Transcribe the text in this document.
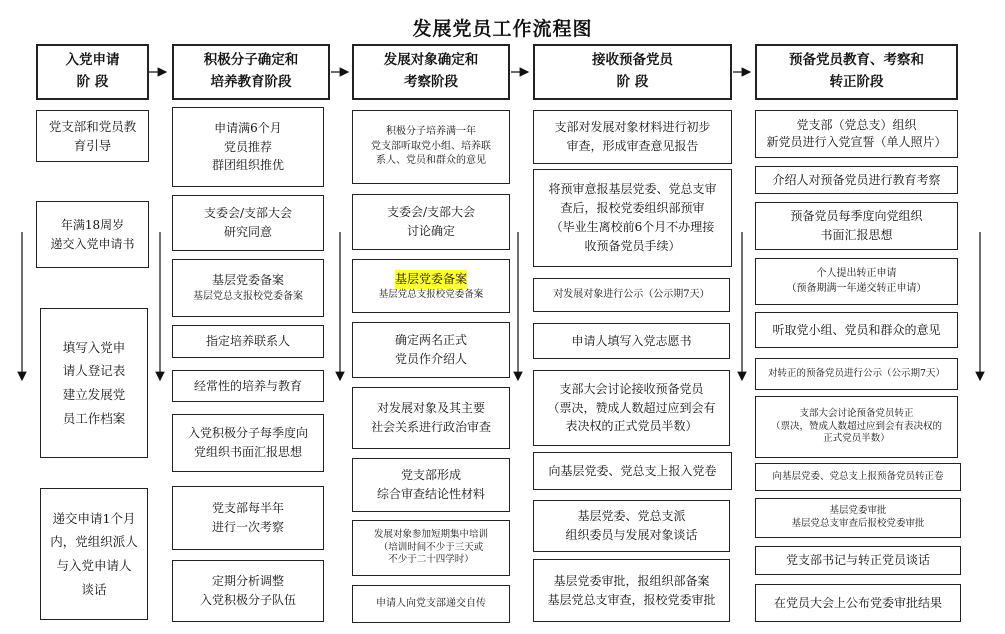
发展党员工作流程图
入党申请
阶 段
积极分子确定和
培养教育阶段
发展对象确定和
考察阶段
接收预备党员
阶 段
预备党员教育、考察和
转正阶段
党支部和党员教
育引导
年满18周岁
递交入党申请书
填写入党申
请人登记表
建立发展党
员工作档案
递交申请1个月
内，党组织派人
与入党申请人
谈话
申请满6个月
党员推荐
群团组织推优
支委会/支部大会
研究同意
基层党委备案
基层党总支报校党委备案
指定培养联系人
经常性的培养与教育
入党积极分子每季度向
党组织书面汇报思想
党支部每半年
进行一次考察
定期分析调整
入党积极分子队伍
积极分子培养满一年
党支部听取党小组、培养联
系人、党员和群众的意见
支委会/支部大会
讨论确定
基层党委备案
基层党总支报校党委备案
确定两名正式
党员作介绍人
对发展对象及其主要
社会关系进行政治审查
党支部形成
综合审查结论性材料
发展对象参加短期集中培训
（培训时间不少于三天或
不少于二十四学时）
申请人向党支部递交自传
支部对发展对象材料进行初步
审查，形成审查意见报告
将预审意报基层党委、党总支审
查后，报校党委组织部预审
（毕业生离校前6个月不办理接
收预备党员手续）
对发展对象进行公示（公示期7天）
申请人填写入党志愿书
支部大会讨论接收预备党员
（票决，赞成人数超过应到会有
表决权的正式党员半数）
向基层党委、党总支上报入党卷
基层党委、党总支派
组织委员与发展对象谈话
基层党委审批，报组织部备案
基层党总支审查，报校党委审批
党支部（党总支）组织
新党员进行入党宣誓（单人照片）
介绍人对预备党员进行教育考察
预备党员每季度向党组织
书面汇报思想
个人提出转正申请
（预备期满一年递交转正申请）
听取党小组、党员和群众的意见
对转正的预备党员进行公示（公示期7天）
支部大会讨论预备党员转正
（票决，赞成人数超过应到会有表决权的
正式党员半数）
向基层党委、党总支上报预备党员转正卷
基层党委审批
基层党总支审查后报校党委审批
党支部书记与转正党员谈话
在党员大会上公布党委审批结果
